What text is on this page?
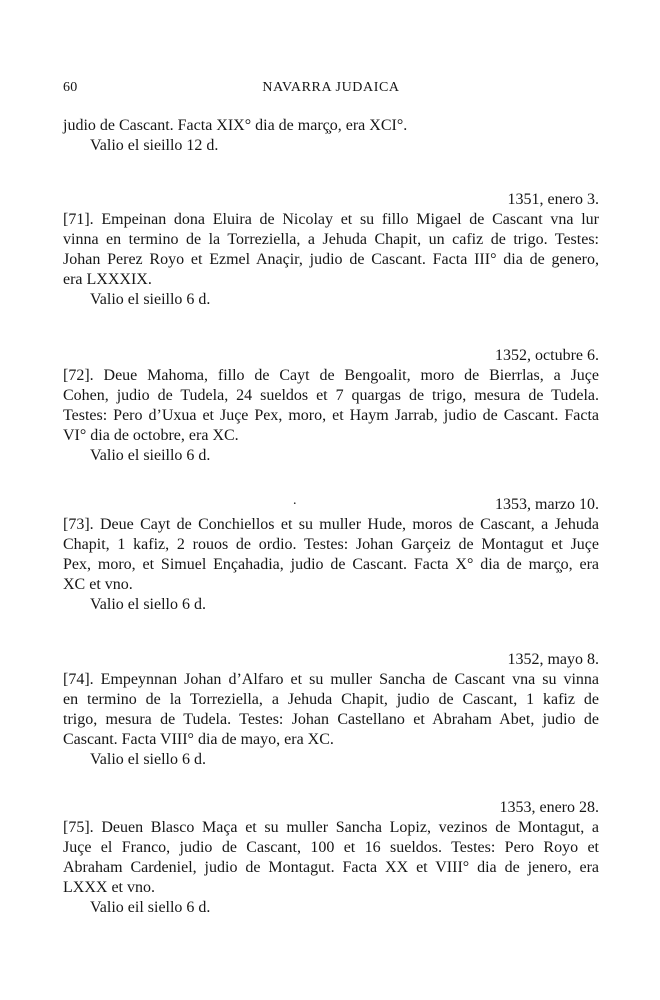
60	NAVARRA JUDAICA
judio de Cascant. Facta XIX° dia de març̧o, era XCI°.
Valio el sieillo 12 d.
1351, enero 3.
[71]. Empeinan dona Eluira de Nicolay et su fillo Migael de Cascant vna lur
vinna en termino de la Torreziella, a Jehuda Chapit, un cafiz de trigo. Testes:
Johan Perez Royo et Ezmel Anaçir, judio de Cascant. Facta III° dia de genero,
era LXXXIX.
Valio el sieillo 6 d.
1352, octubre 6.
[72]. Deue Mahoma, fillo de Cayt de Bengoalit, moro de Bierrlas, a Juçe
Cohen, judio de Tudela, 24 sueldos et 7 quargas de trigo, mesura de Tudela.
Testes: Pero d’Uxua et Juçe Pex, moro, et Haym Jarrab, judio de Cascant. Facta
VI° dia de octobre, era XC.
Valio el sieillo 6 d.
.	1353, marzo 10.
[73]. Deue Cayt de Conchiellos et su muller Hude, moros de Cascant, a Jehuda
Chapit, 1 kafiz, 2 rouos de ordio. Testes: Johan Garçeiz de Montagut et Juçe
Pex, moro, et Simuel Ençahadia, judio de Cascant. Facta X° dia de març̧o, era
XC et vno.
Valio el siello 6 d.
1352, mayo 8.
[74]. Empeynnan Johan d’Alfaro et su muller Sancha de Cascant vna su vinna
en termino de la Torreziella, a Jehuda Chapit, judio de Cascant, 1 kafiz de
trigo, mesura de Tudela. Testes: Johan Castellano et Abraham Abet, judio de
Cascant. Facta VIII° dia de mayo, era XC.
Valio el siello 6 d.
1353, enero 28.
[75]. Deuen Blasco Maça et su muller Sancha Lopiz, vezinos de Montagut, a
Juçe el Franco, judio de Cascant, 100 et 16 sueldos. Testes: Pero Royo et
Abraham Cardeniel, judio de Montagut. Facta XX et VIII° dia de jenero, era
LXXX et vno.
Valio eil siello 6 d.
